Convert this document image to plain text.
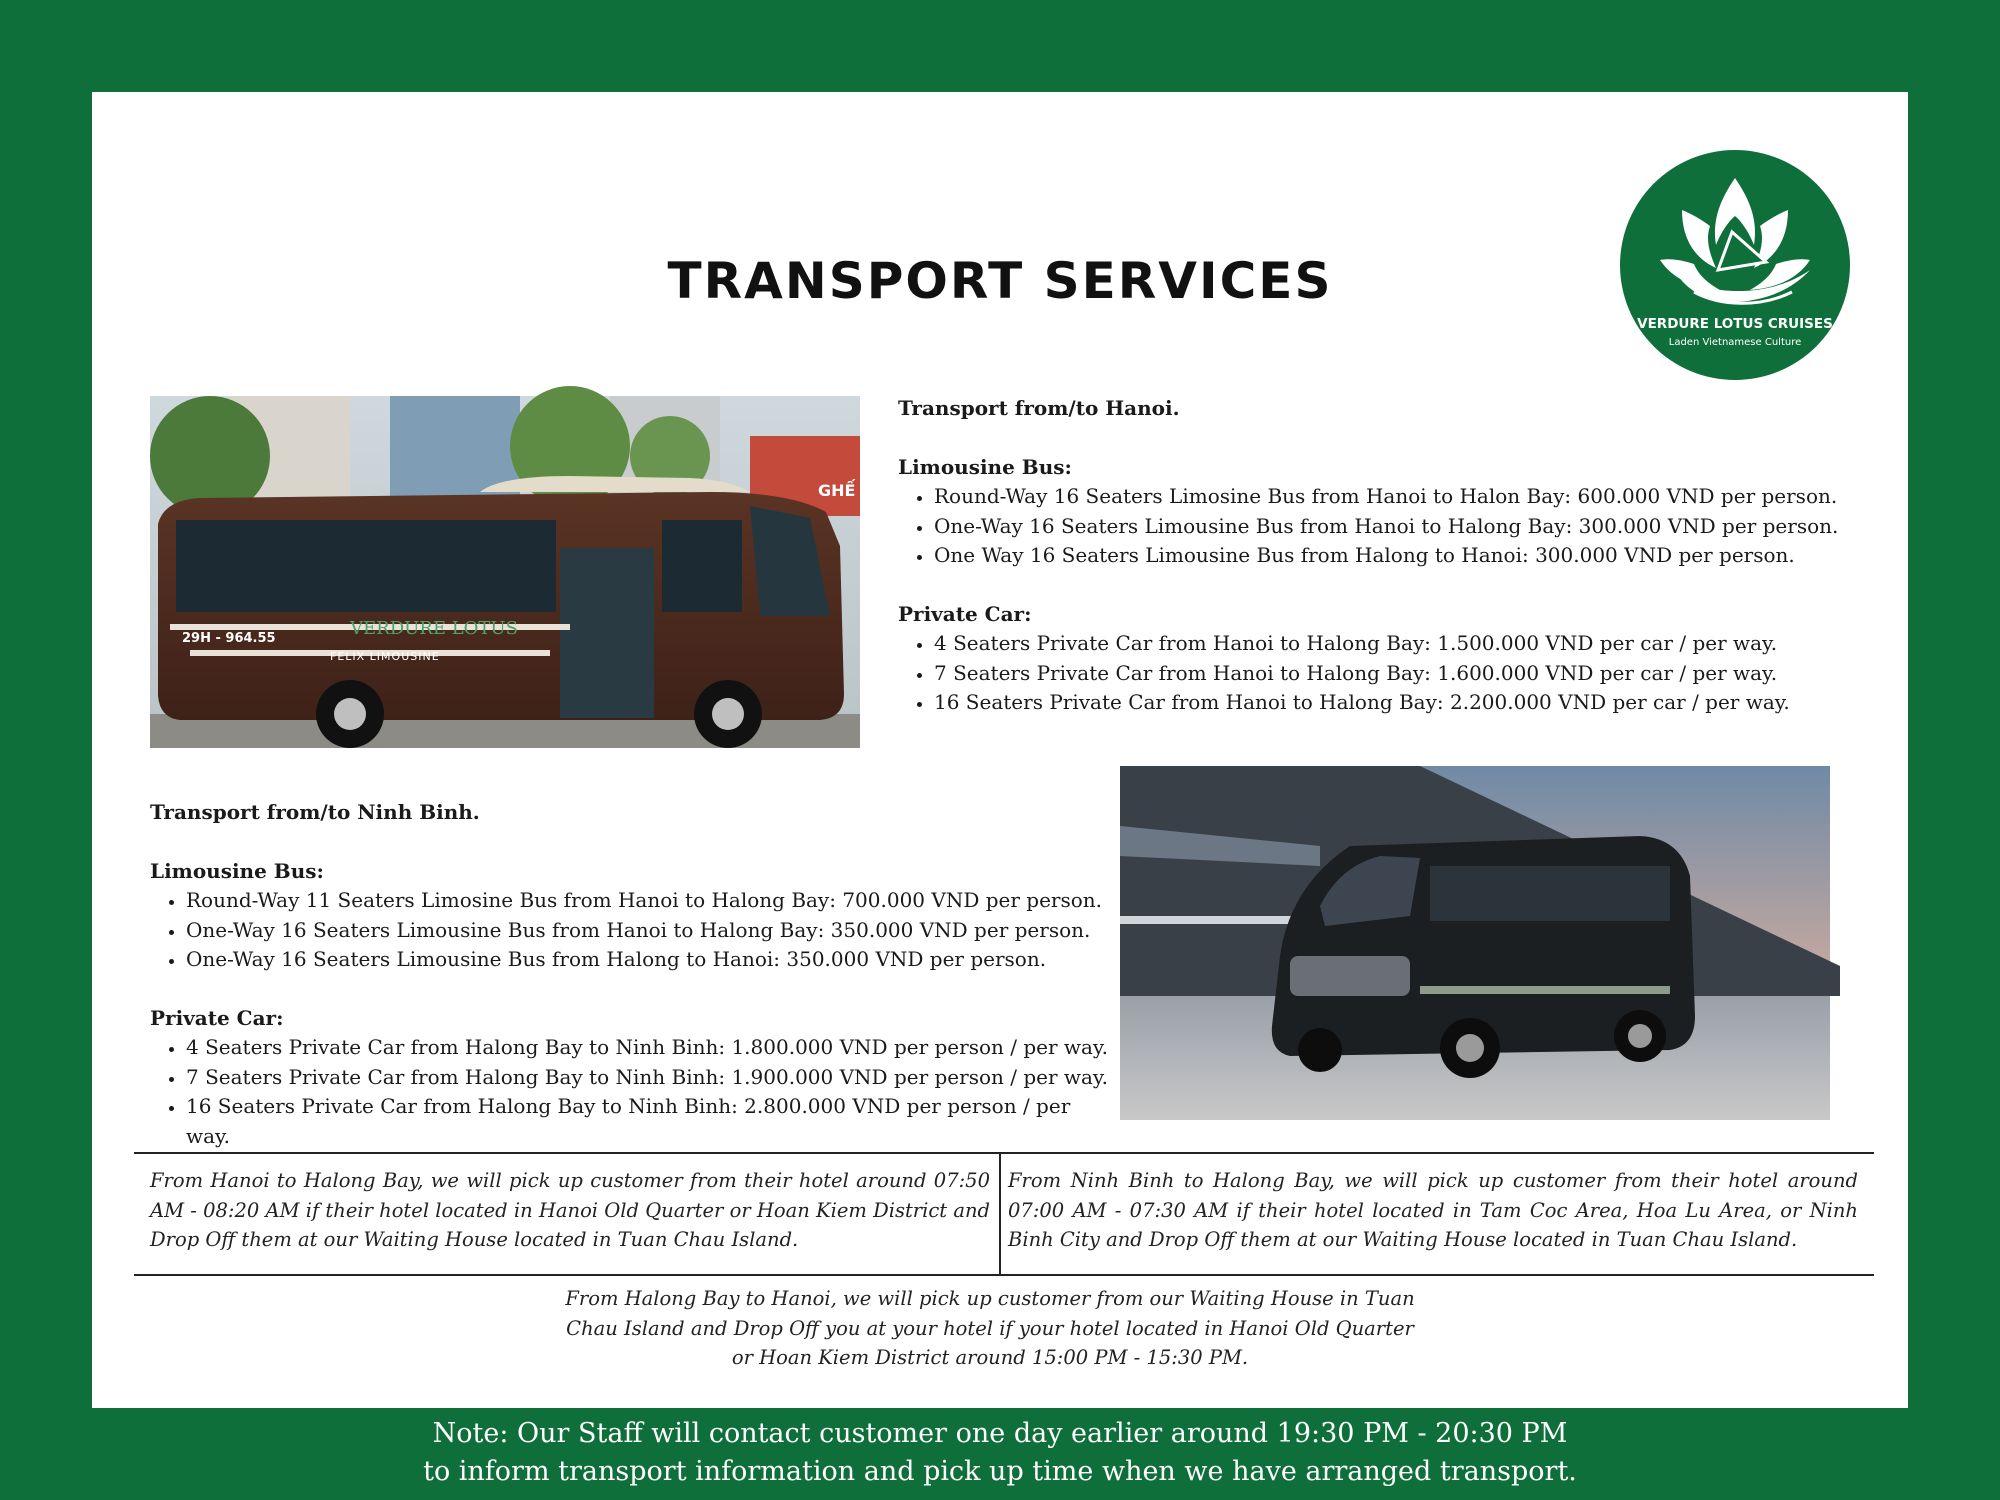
TRANSPORT SERVICES
VERDURE LOTUS CRUISES
Laden Vietnamese Culture
29H - 964.55	VERDURE LOTUS
FELIX LIMOUSINE
GHẾ N
Transport from/to Hanoi.
Limousine Bus:
• Round-Way 16 Seaters Limosine Bus from Hanoi to Halon Bay: 600.000 VND per person.
• One-Way 16 Seaters Limousine Bus from Hanoi to Halong Bay: 300.000 VND per person.
• One Way 16 Seaters Limousine Bus from Halong to Hanoi: 300.000 VND per person.
Private Car:
• 4 Seaters Private Car from Hanoi to Halong Bay: 1.500.000 VND per car / per way.
• 7 Seaters Private Car from Hanoi to Halong Bay: 1.600.000 VND per car / per way.
• 16 Seaters Private Car from Hanoi to Halong Bay: 2.200.000 VND per car / per way.
Transport from/to Ninh Binh.
Limousine Bus:
• Round-Way 11 Seaters Limosine Bus from Hanoi to Halong Bay: 700.000 VND per person.
• One-Way 16 Seaters Limousine Bus from Hanoi to Halong Bay: 350.000 VND per person.
• One-Way 16 Seaters Limousine Bus from Halong to Hanoi: 350.000 VND per person.
Private Car:
• 4 Seaters Private Car from Halong Bay to Ninh Binh: 1.800.000 VND per person / per way.
• 7 Seaters Private Car from Halong Bay to Ninh Binh: 1.900.000 VND per person / per way.
• 16 Seaters Private Car from Halong Bay to Ninh Binh: 2.800.000 VND per person / per way.
From Hanoi to Halong Bay, we will pick up customer from their hotel around 07:50 AM - 08:20 AM if their hotel located in Hanoi Old Quarter or Hoan Kiem District and Drop Off them at our Waiting House located in Tuan Chau Island.
From Ninh Binh to Halong Bay, we will pick up customer from their hotel around 07:00 AM - 07:30 AM if their hotel located in Tam Coc Area, Hoa Lu Area, or Ninh Binh City and Drop Off them at our Waiting House located in Tuan Chau Island.
From Halong Bay to Hanoi, we will pick up customer from our Waiting House in Tuan Chau Island and Drop Off you at your hotel if your hotel located in Hanoi Old Quarter or Hoan Kiem District around 15:00 PM - 15:30 PM.
Note: Our Staff will contact customer one day earlier around 19:30 PM - 20:30 PM
to inform transport information and pick up time when we have arranged transport.
